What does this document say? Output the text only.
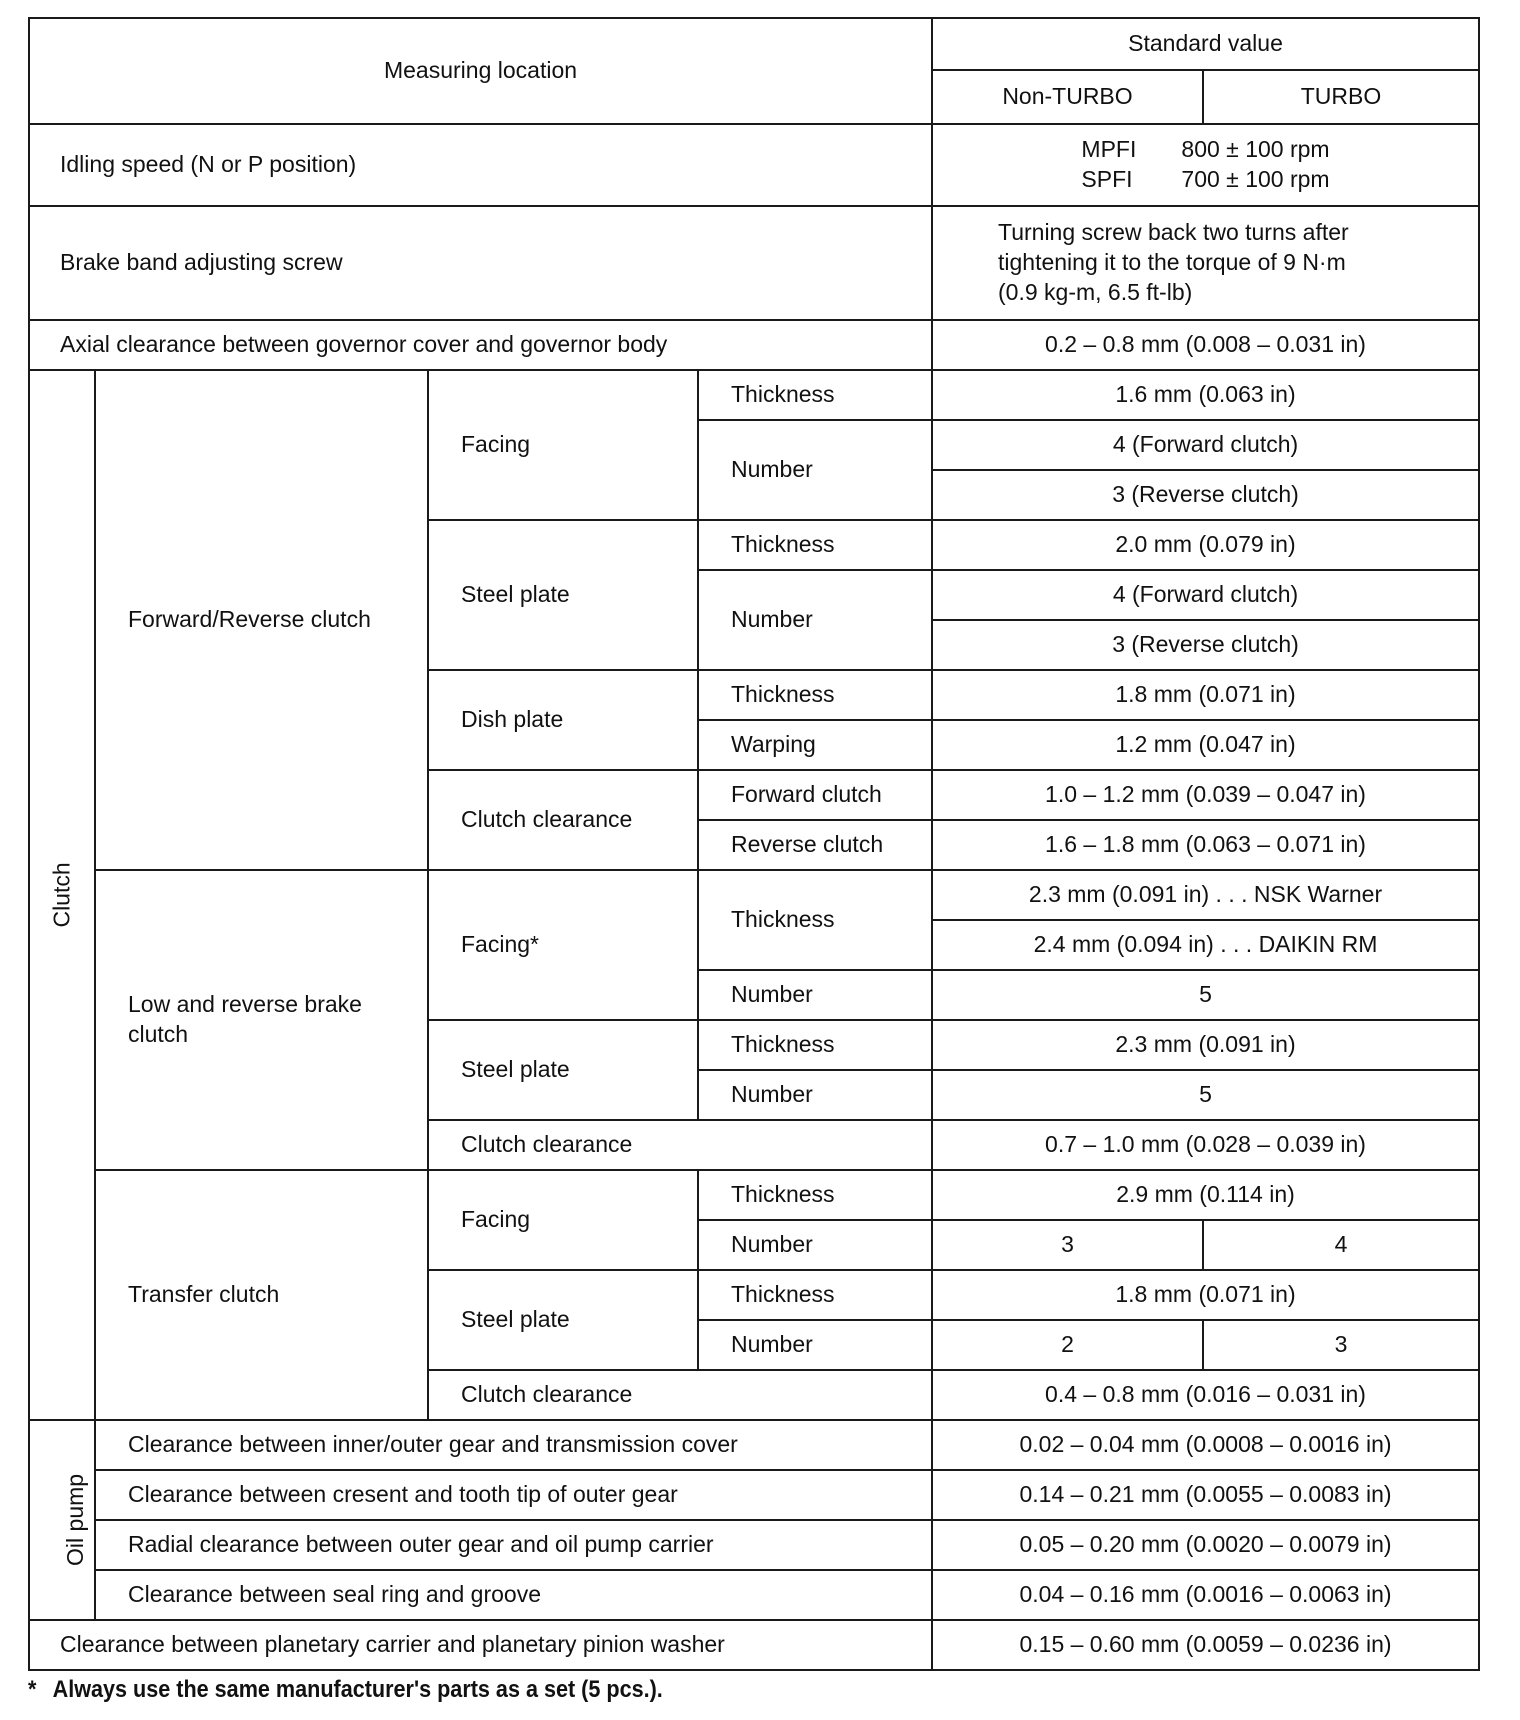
Measuring location				Standard value	
				Non-TURBO	TURBO
Idling speed (N or P position)				MPFI 800 ± 100 rpm
SPFI 700 ± 100 rpm	

Brake band adjusting screw				Turning screw back two turns after
tightening it to the torque of 9 N·m
(0.9 kg-m, 6.5 ft-lb)	

Axial clearance between governor cover and governor body				0.2 – 0.8 mm (0.008 – 0.031 in)	
Clutch	Forward/Reverse clutch	Facing	Thickness	1.6 mm (0.063 in)	
			Number	4 (Forward clutch)	
				3 (Reverse clutch)	
		Steel plate	Thickness	2.0 mm (0.079 in)	
			Number	4 (Forward clutch)	
				3 (Reverse clutch)	
		Dish plate	Thickness	1.8 mm (0.071 in)	
			Warping	1.2 mm (0.047 in)	
		Clutch clearance	Forward clutch	1.0 – 1.2 mm (0.039 – 0.047 in)	
			Reverse clutch	1.6 – 1.8 mm (0.063 – 0.071 in)	

	Low and reverse brake
clutch	Facing*	Thickness	2.3 mm (0.091 in) . . . NSK Warner	
				2.4 mm (0.094 in) . . . DAIKIN RM	
			Number	5	
		Steel plate	Thickness	2.3 mm (0.091 in)	
			Number	5	
		Clutch clearance		0.7 – 1.0 mm (0.028 – 0.039 in)	
	Transfer clutch	Facing	Thickness	2.9 mm (0.114 in)	
			Number	3	4
		Steel plate	Thickness	1.8 mm (0.071 in)	
			Number	2	3
		Clutch clearance		0.4 – 0.8 mm (0.016 – 0.031 in)	
Oil pump	Clearance between inner/outer gear and transmission cover			0.02 – 0.04 mm (0.0008 – 0.0016 in)	
	Clearance between cresent and tooth tip of outer gear			0.14 – 0.21 mm (0.0055 – 0.0083 in)	
	Radial clearance between outer gear and oil pump carrier			0.05 – 0.20 mm (0.0020 – 0.0079 in)	
	Clearance between seal ring and groove			0.04 – 0.16 mm (0.0016 – 0.0063 in)	
Clearance between planetary carrier and planetary pinion washer				0.15 – 0.60 mm (0.0059 – 0.0236 in)	
* Always use the same manufacturer's parts as a set (5 pcs.).
